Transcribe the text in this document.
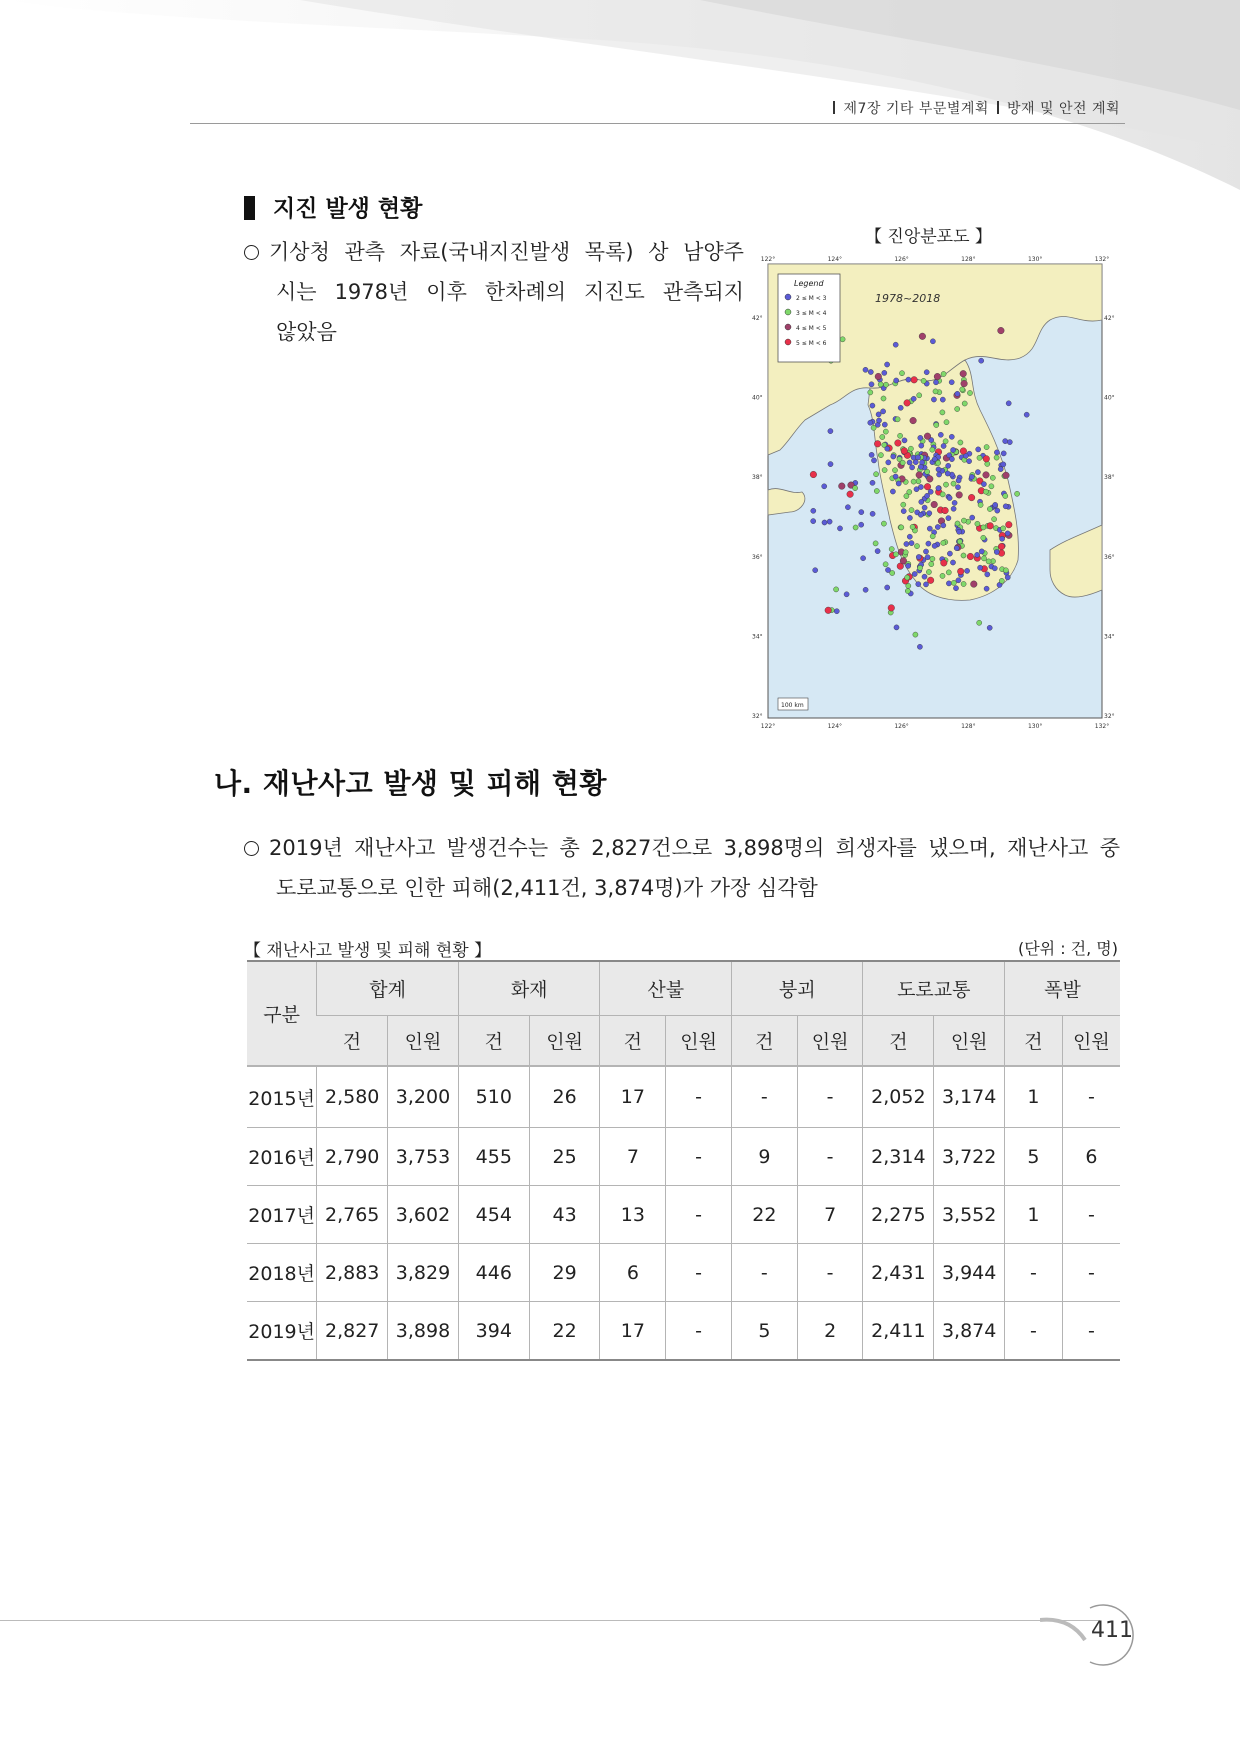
제7장 기타 부문별계획 방재 및 안전 계획
지진 발생 현황
기상청 관측 자료(국내지진발생 목록) 상 남양주
시는 1978년 이후 한차례의 지진도 관측되지
않았음
【 진앙분포도 】
Legend
2 ≤ M < 3
3 ≤ M < 4
4 ≤ M < 5
5 ≤ M < 6
1978~2018
122°
122°
124°
124°
126°
126°
128°
128°
130°
130°
132°
132°
42°	42°
40°	40°
38°	38°
36°	36°
34°	34°
32°	32°
100 km
나. 재난사고 발생 및 피해 현황
2019년 재난사고 발생건수는 총 2,827건으로 3,898명의 희생자를 냈으며, 재난사고 중
도로교통으로 인한 피해(2,411건, 3,874명)가 가장 심각함
【 재난사고 발생 및 피해 현황 】	(단위 : 건, 명)
구분	합계		화재		산불		붕괴		도로교통		폭발	
	건	인원	건	인원	건	인원	건	인원	건	인원	건	인원
2015년	2,580	3,200	510	26	17	-	-	-	2,052	3,174	1	-
2016년	2,790	3,753	455	25	7	-	9	-	2,314	3,722	5	6
2017년	2,765	3,602	454	43	13	-	22	7	2,275	3,552	1	-
2018년	2,883	3,829	446	29	6	-	-	-	2,431	3,944	-	-
2019년	2,827	3,898	394	22	17	-	5	2	2,411	3,874	-	-
411
